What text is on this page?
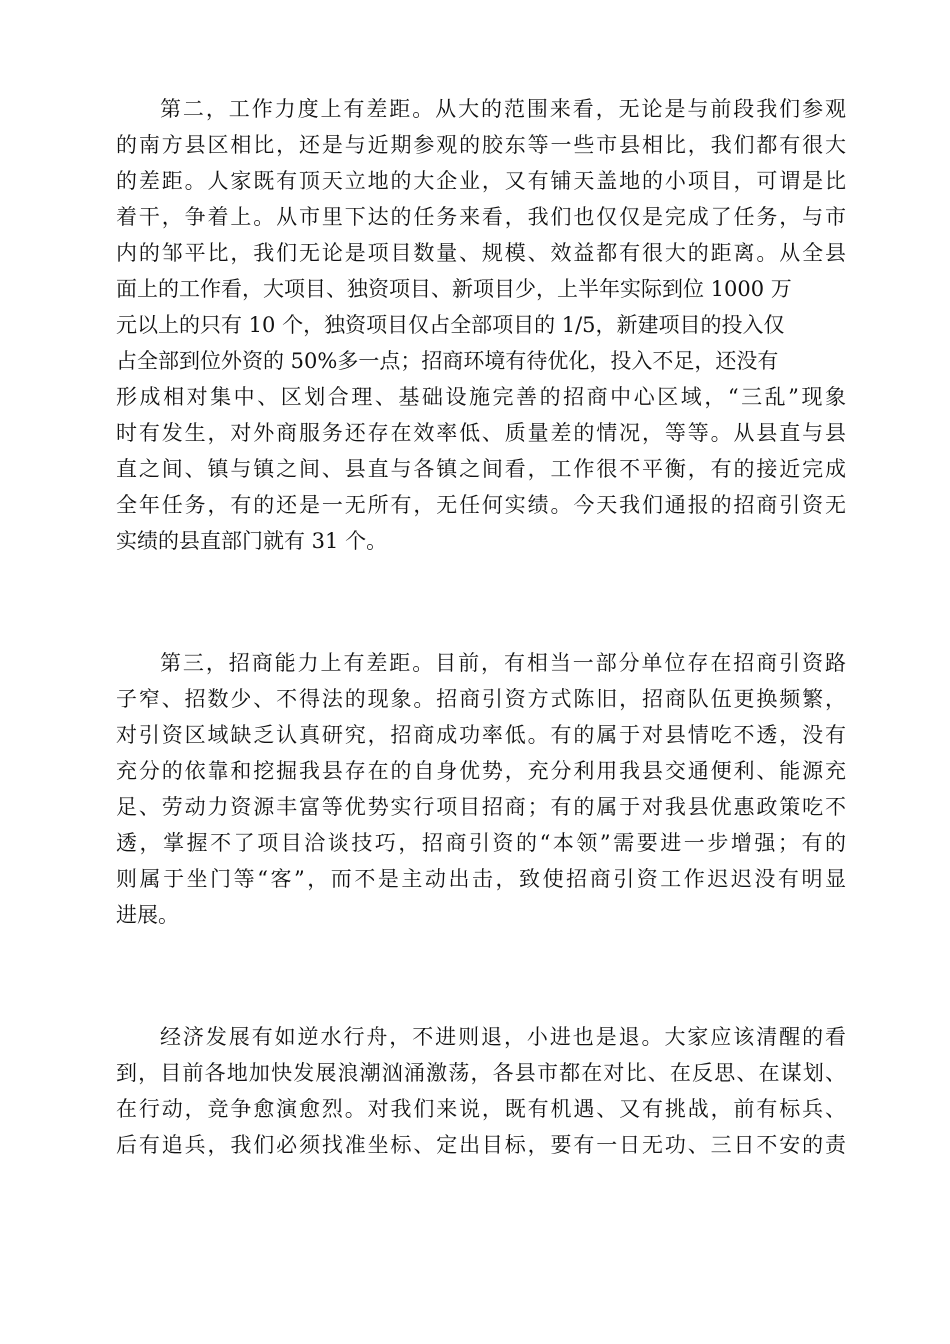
第二，工作力度上有差距。从大的范围来看，无论是与前段我们参观
的南方县区相比，还是与近期参观的胶东等一些市县相比，我们都有很大
的差距。人家既有顶天立地的大企业，又有铺天盖地的小项目，可谓是比
着干，争着上。从市里下达的任务来看，我们也仅仅是完成了任务，与市
内的邹平比，我们无论是项目数量、规模、效益都有很大的距离。从全县
面上的工作看，大项目、独资项目、新项目少，上半年实际到位 1000 万
元以上的只有 10 个，独资项目仅占全部项目的 1/5，新建项目的投入仅
占全部到位外资的 50%多一点；招商环境有待优化，投入不足，还没有
形成相对集中、区划合理、基础设施完善的招商中心区域，“三乱”现象
时有发生，对外商服务还存在效率低、质量差的情况，等等。从县直与县
直之间、镇与镇之间、县直与各镇之间看，工作很不平衡，有的接近完成
全年任务，有的还是一无所有，无任何实绩。今天我们通报的招商引资无
实绩的县直部门就有 31 个。
第三，招商能力上有差距。目前，有相当一部分单位存在招商引资路
子窄、招数少、不得法的现象。招商引资方式陈旧，招商队伍更换频繁，
对引资区域缺乏认真研究，招商成功率低。有的属于对县情吃不透，没有
充分的依靠和挖掘我县存在的自身优势，充分利用我县交通便利、能源充
足、劳动力资源丰富等优势实行项目招商；有的属于对我县优惠政策吃不
透，掌握不了项目洽谈技巧，招商引资的“本领”需要进一步增强；有的
则属于坐门等“客”，而不是主动出击，致使招商引资工作迟迟没有明显
进展。
经济发展有如逆水行舟，不进则退，小进也是退。大家应该清醒的看
到，目前各地加快发展浪潮汹涌激荡，各县市都在对比、在反思、在谋划、
在行动，竞争愈演愈烈。对我们来说，既有机遇、又有挑战，前有标兵、
后有追兵，我们必须找准坐标、定出目标，要有一日无功、三日不安的责
